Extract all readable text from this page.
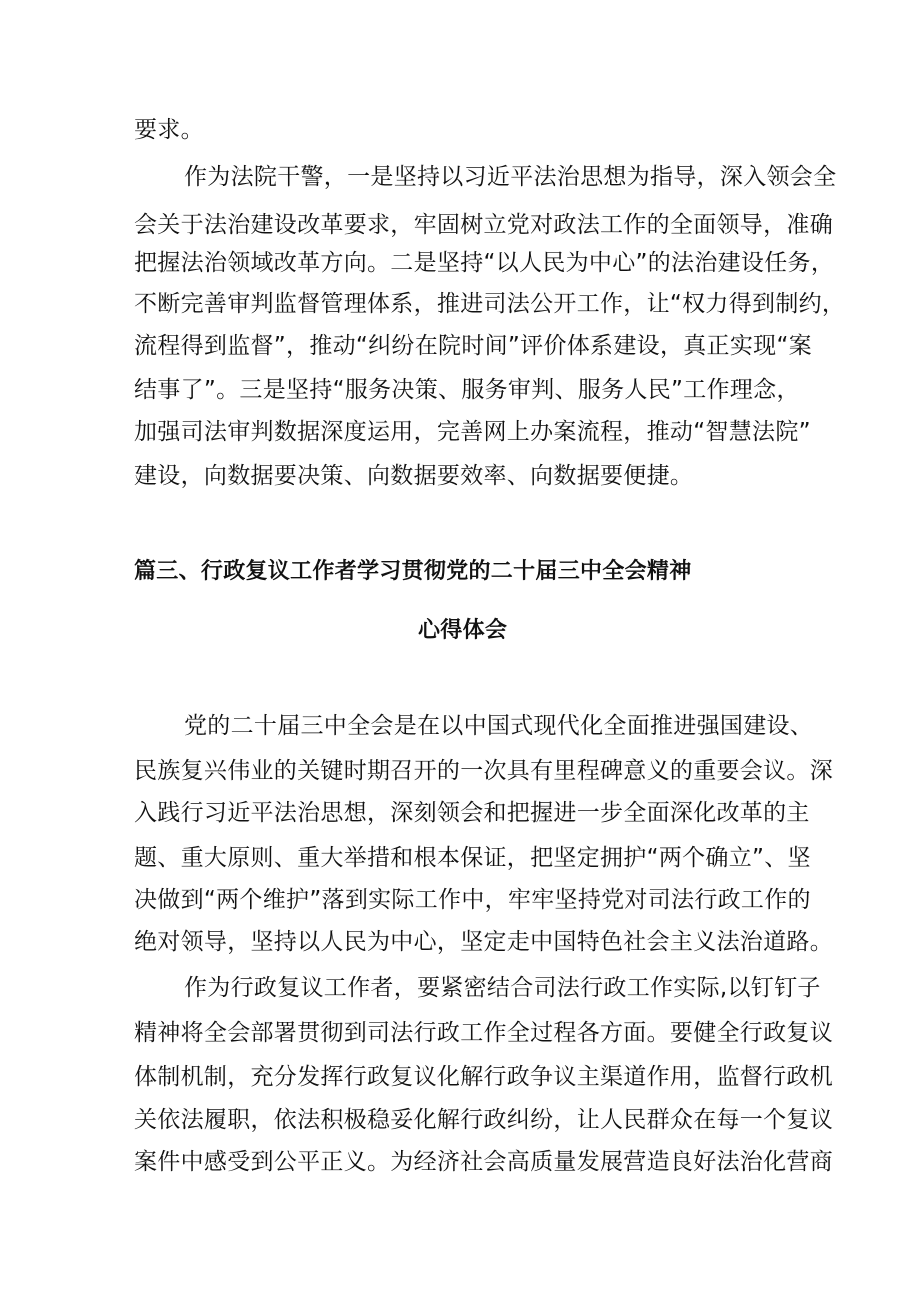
要求。
作为法院干警，一是坚持以习近平法治思想为指导，深入领会全
会关于法治建设改革要求，牢固树立党对政法工作的全面领导，准确
把握法治领域改革方向。二是坚持“以人民为中心”的法治建设任务，
不断完善审判监督管理体系，推进司法公开工作，让“权力得到制约，
流程得到监督”，推动“纠纷在院时间”评价体系建设，真正实现“案
结事了”。三是坚持“服务决策、服务审判、服务人民”工作理念，
加强司法审判数据深度运用，完善网上办案流程，推动“智慧法院”
建设，向数据要决策、向数据要效率、向数据要便捷。
篇三、行政复议工作者学习贯彻党的二十届三中全会精神
心得体会
党的二十届三中全会是在以中国式现代化全面推进强国建设、
民族复兴伟业的关键时期召开的一次具有里程碑意义的重要会议。深
入践行习近平法治思想，深刻领会和把握进一步全面深化改革的主
题、重大原则、重大举措和根本保证，把坚定拥护“两个确立”、坚
决做到“两个维护”落到实际工作中，牢牢坚持党对司法行政工作的
绝对领导，坚持以人民为中心，坚定走中国特色社会主义法治道路。
作为行政复议工作者，要紧密结合司法行政工作实际,以钉钉子
精神将全会部署贯彻到司法行政工作全过程各方面。要健全行政复议
体制机制，充分发挥行政复议化解行政争议主渠道作用，监督行政机
关依法履职，依法积极稳妥化解行政纠纷，让人民群众在每一个复议
案件中感受到公平正义。为经济社会高质量发展营造良好法治化营商
